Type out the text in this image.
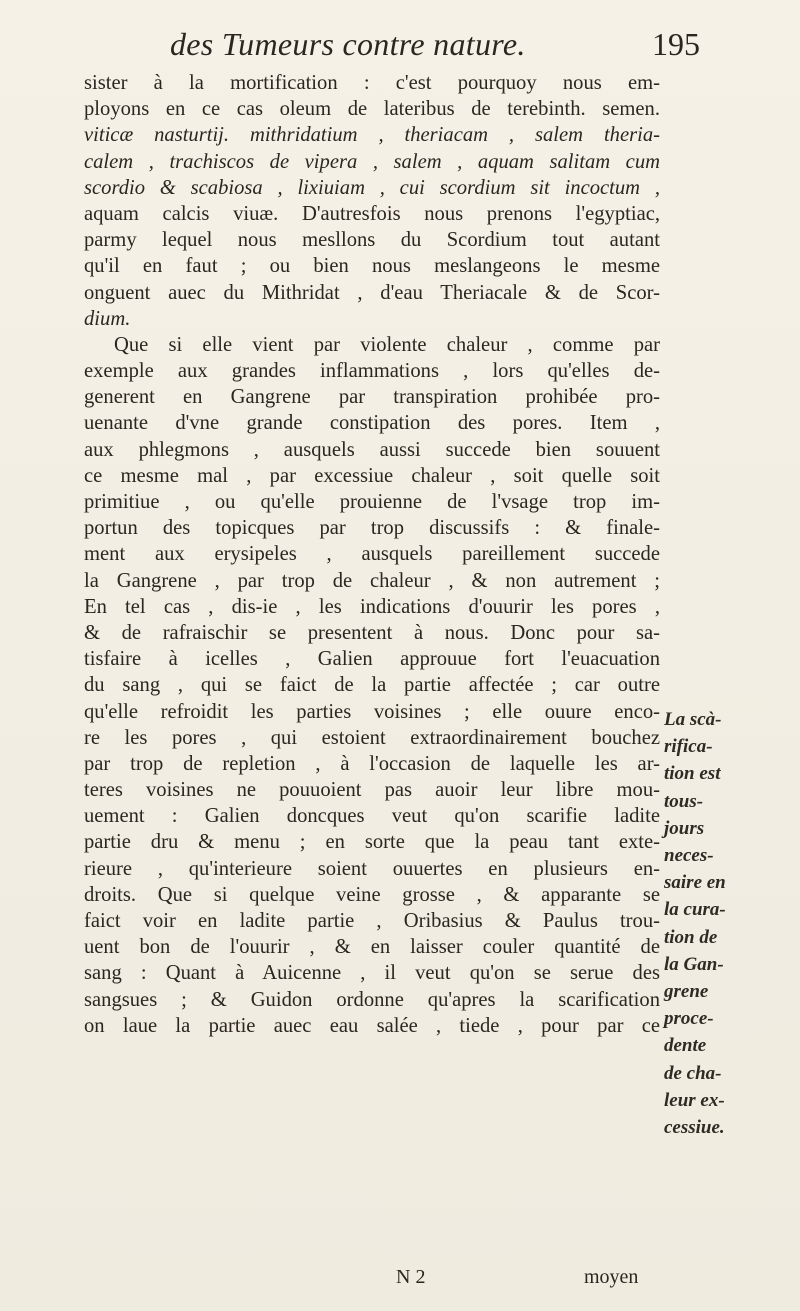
des Tumeurs contre nature.	195
sister à la mortification : c'est pourquoy nous em-
ployons en ce cas oleum de lateribus de terebinth. semen.
viticæ nasturtij. mithridatium , theriacam , salem theria-
calem , trachiscos de vipera , salem , aquam salitam cum
scordio & scabiosa , lixiuiam , cui scordium sit incoctum ,
aquam calcis viuæ. D'autresfois nous prenons l'egyptiac,
parmy lequel nous mesllons du Scordium tout autant
qu'il en faut ; ou bien nous meslangeons le mesme
onguent auec du Mithridat , d'eau Theriacale & de Scor-
dium.
Que si elle vient par violente chaleur , comme par
exemple aux grandes inflammations , lors qu'elles de-
generent en Gangrene par transpiration prohibée pro-
uenante d'vne grande constipation des pores. Item ,
aux phlegmons , ausquels aussi succede bien souuent
ce mesme mal , par excessiue chaleur , soit quelle soit
primitiue , ou qu'elle prouienne de l'vsage trop im-
portun des topicques par trop discussifs : & finale-
ment aux erysipeles , ausquels pareillement succede
la Gangrene , par trop de chaleur , & non autrement ;
En tel cas , dis-ie , les indications d'ouurir les pores ,
& de rafraischir se presentent à nous. Donc pour sa-
tisfaire à icelles , Galien approuue fort l'euacuation
du sang , qui se faict de la partie affectée ; car outre
qu'elle refroidit les parties voisines ; elle ouure enco-
re les pores , qui estoient extraordinairement bouchez
par trop de repletion , à l'occasion de laquelle les ar-
teres voisines ne pouuoient pas auoir leur libre mou-
uement : Galien doncques veut qu'on scarifie ladite
partie dru & menu ; en sorte que la peau tant exte-
rieure , qu'interieure soient ouuertes en plusieurs en-
droits. Que si quelque veine grosse , & apparante se
faict voir en ladite partie , Oribasius & Paulus trou-
uent bon de l'ouurir , & en laisser couler quantité de
sang : Quant à Auicenne , il veut qu'on se serue des
sangsues ; & Guidon ordonne qu'apres la scarification
on laue la partie auec eau salée , tiede , pour par ce
La scà-
rifica-
tion est
tous-
jours
neces-
saire en
la cura-
tion de
la Gan-
grene
proce-
dente
de cha-
leur ex-
cessiue.
N 2	moyen
